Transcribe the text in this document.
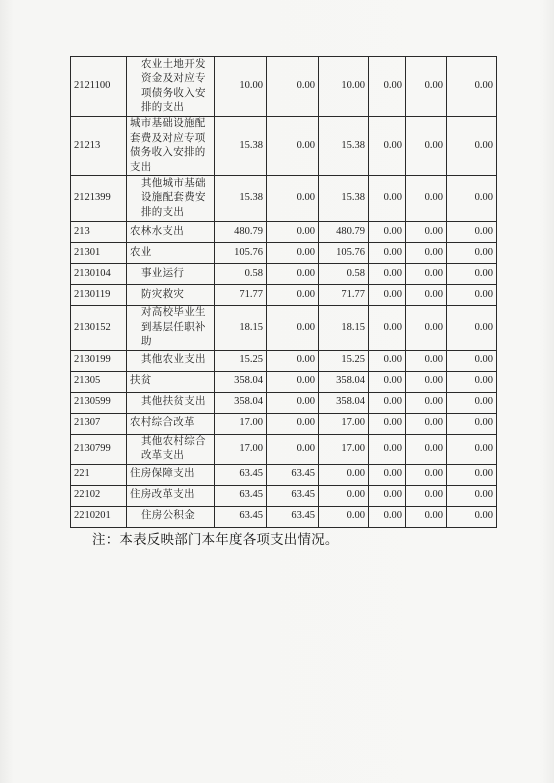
2121100	农业土地开发资金及对应专项债务收入安排的支出	10.00	0.00	10.00	0.00	0.00	0.00
21213	城市基础设施配套费及对应专项债务收入安排的支出	15.38	0.00	15.38	0.00	0.00	0.00
2121399	其他城市基础设施配套费安排的支出	15.38	0.00	15.38	0.00	0.00	0.00
213	农林水支出	480.79	0.00	480.79	0.00	0.00	0.00
21301	农业	105.76	0.00	105.76	0.00	0.00	0.00
2130104	事业运行	0.58	0.00	0.58	0.00	0.00	0.00
2130119	防灾救灾	71.77	0.00	71.77	0.00	0.00	0.00
2130152	对高校毕业生到基层任职补助	18.15	0.00	18.15	0.00	0.00	0.00
2130199	其他农业支出	15.25	0.00	15.25	0.00	0.00	0.00
21305	扶贫	358.04	0.00	358.04	0.00	0.00	0.00
2130599	其他扶贫支出	358.04	0.00	358.04	0.00	0.00	0.00
21307	农村综合改革	17.00	0.00	17.00	0.00	0.00	0.00
2130799	其他农村综合改革支出	17.00	0.00	17.00	0.00	0.00	0.00
221	住房保障支出	63.45	63.45	0.00	0.00	0.00	0.00
22102	住房改革支出	63.45	63.45	0.00	0.00	0.00	0.00
2210201	住房公积金	63.45	63.45	0.00	0.00	0.00	0.00
注：本表反映部门本年度各项支出情况。
